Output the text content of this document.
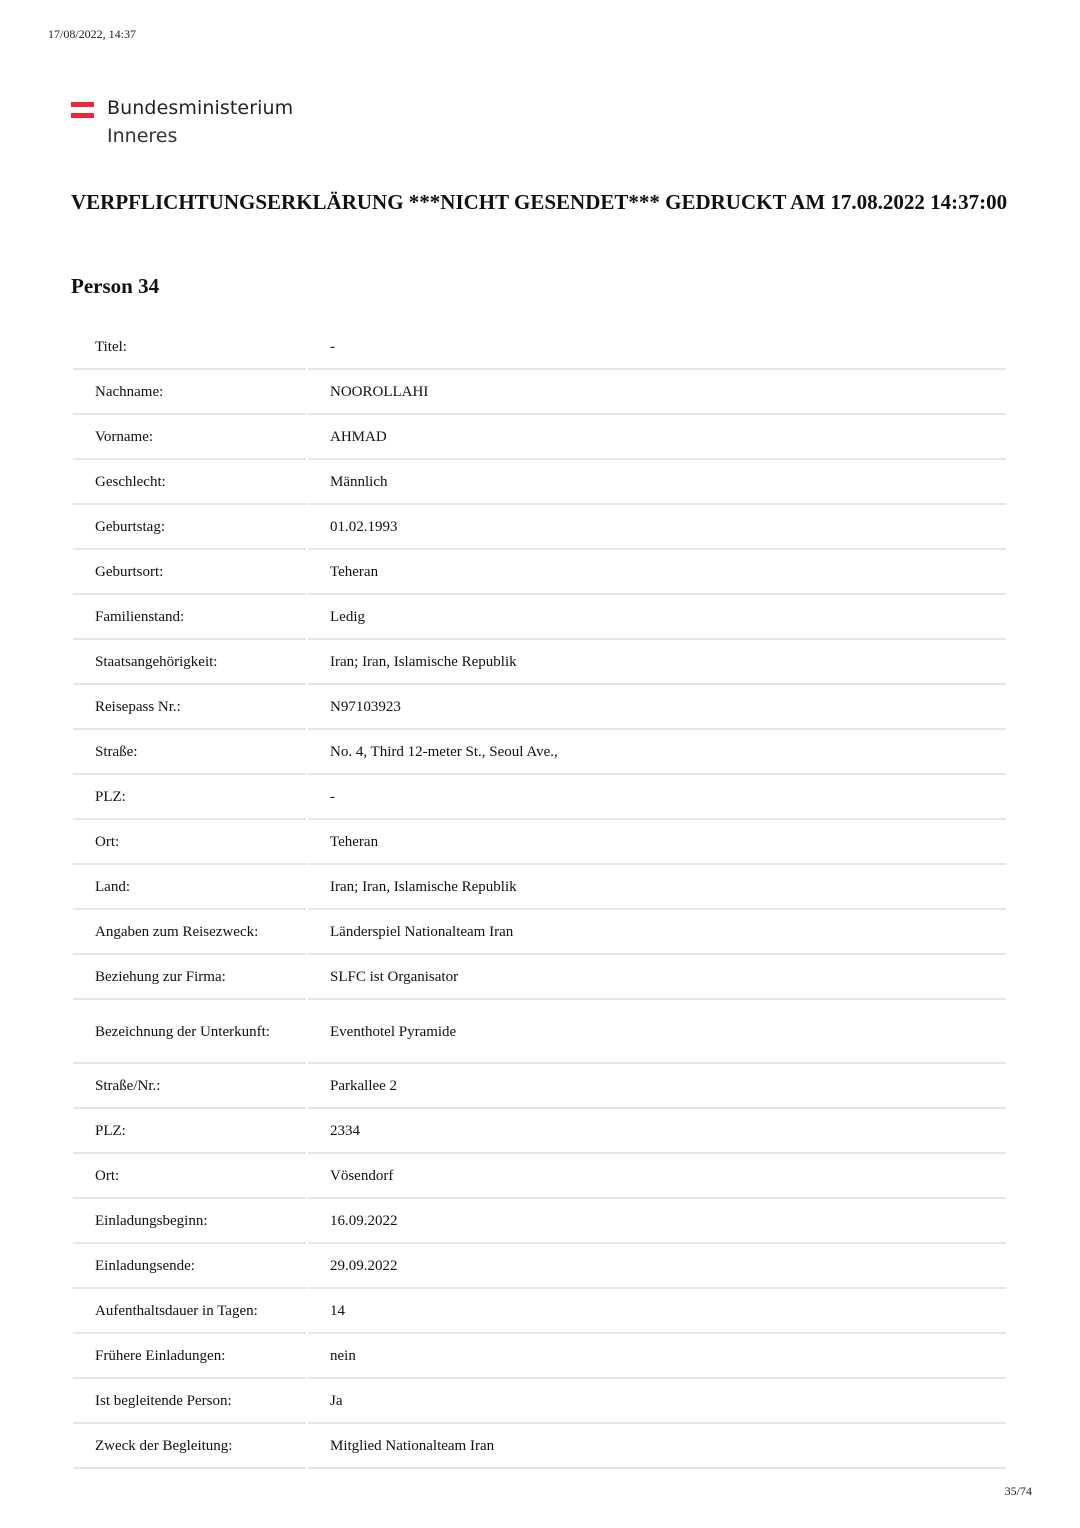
17/08/2022, 14:37
Bundesministerium
Inneres
VERPFLICHTUNGSERKLÄRUNG ***NICHT GESENDET*** GEDRUCKT AM 17.08.2022 14:37:00
Person 34
Titel:	-
Nachname:	NOOROLLAHI
Vorname:	AHMAD
Geschlecht:	Männlich
Geburtstag:	01.02.1993
Geburtsort:	Teheran
Familienstand:	Ledig
Staatsangehörigkeit:	Iran; Iran, Islamische Republik
Reisepass Nr.:	N97103923
Straße:	No. 4, Third 12-meter St., Seoul Ave.,
PLZ:	-
Ort:	Teheran
Land:	Iran; Iran, Islamische Republik
Angaben zum Reisezweck:	Länderspiel Nationalteam Iran
Beziehung zur Firma:	SLFC ist Organisator
Bezeichnung der Unterkunft:	Eventhotel Pyramide
Straße/Nr.:	Parkallee 2
PLZ:	2334
Ort:	Vösendorf
Einladungsbeginn:	16.09.2022
Einladungsende:	29.09.2022
Aufenthaltsdauer in Tagen:	14
Frühere Einladungen:	nein
Ist begleitende Person:	Ja
Zweck der Begleitung:	Mitglied Nationalteam Iran
35/74
